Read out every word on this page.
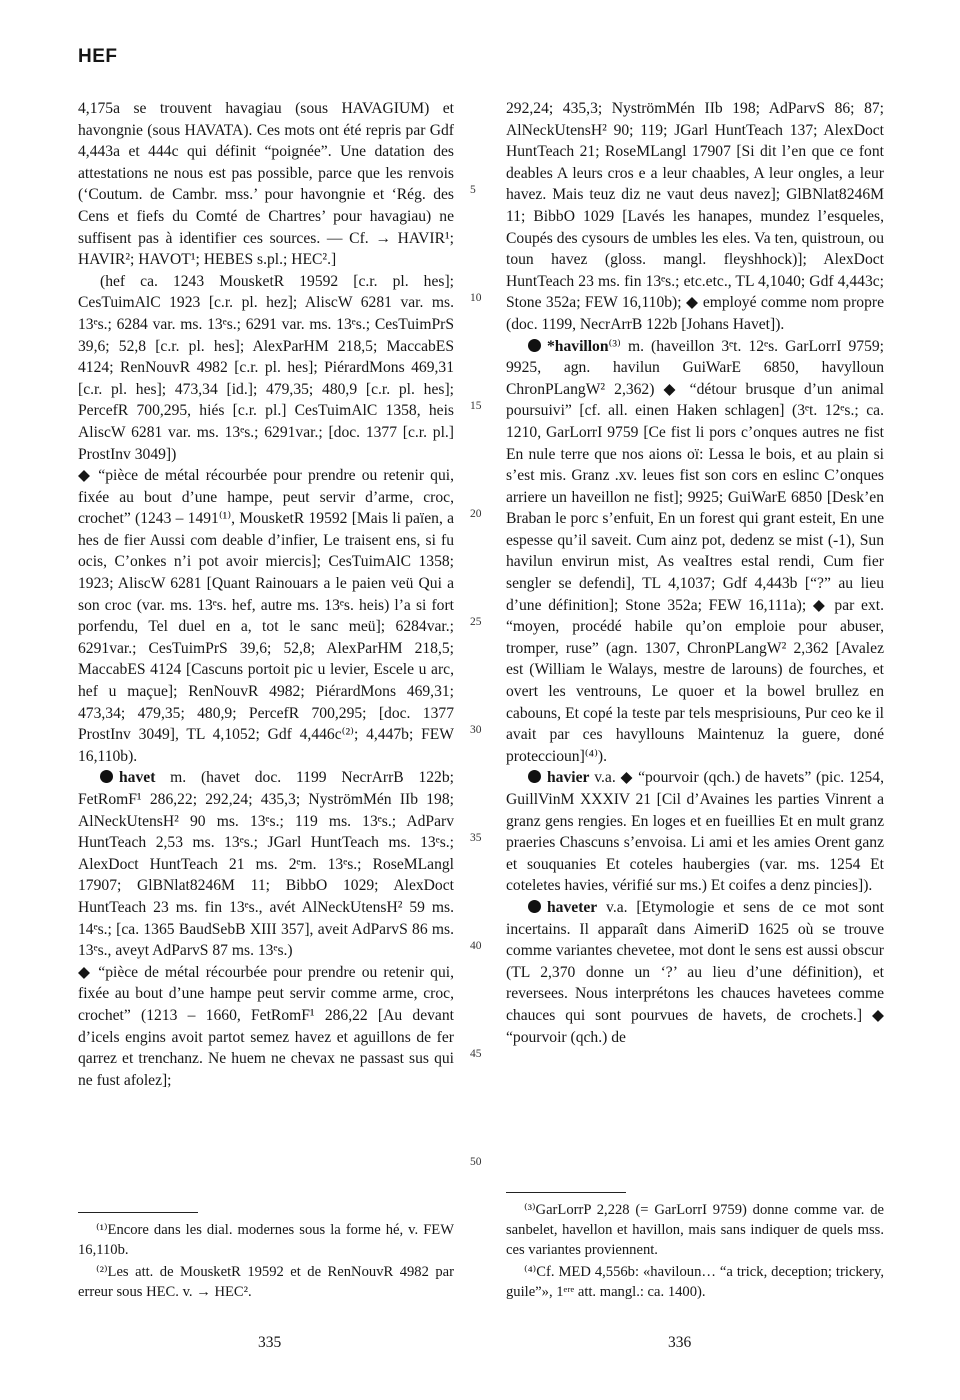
HEF

4,175a se trouvent havagiau (sous HAVAGIUM) et havongnie (sous HAVATA). Ces mots ont été repris par Gdf 4,443a et 444c qui définit “poignée”. Une datation des attestations ne nous est pas possible, parce que les renvois (‘Coutum. de Cambr. mss.’ pour havongnie et ‘Rég. des Cens et fiefs du Comté de Chartres’ pour havagiau) ne suffisent pas à identifier ces sources. — Cf. → HAVIR¹; HAVIR²; HAVOT¹; HEBES s.pl.; HEC².]

(hef ca. 1243 MousketR 19592 [c.r. pl. hes]; CesTuimAlC 1923 [c.r. pl. hez]; AliscW 6281 var. ms. 13ᵉs.; 6284 var. ms. 13ᵉs.; 6291 var. ms. 13ᵉs.; CesTuimPrS 39,6; 52,8 [c.r. pl. hes]; AlexParHM 218,5; MaccabES 4124; RenNouvR 4982 [c.r. pl. hes]; PiérardMons 469,31 [c.r. pl. hes]; 473,34 [id.]; 479,35; 480,9 [c.r. pl. hes]; PercefR 700,295, hiés [c.r. pl.] CesTuimAlC 1358, heis AliscW 6281 var. ms. 13ᵉs.; 6291var.; [doc. 1377 [c.r. pl.] ProstInv 3049])

◆ “pièce de métal récourbée pour prendre ou retenir qui, fixée au bout d’une hampe, peut servir d’arme, croc, crochet” (1243 – 1491⁽¹⁾, MousketR 19592 [Mais li païen, a hes de fier Aussi com deable d’infier, Le traisent ens, si fu ocis, C’onkes n’i pot avoir miercis]; CesTuimAlC 1358; 1923; AliscW 6281 [Quant Rainouars a le paien veü Qui a son croc (var. ms. 13ᵉs. hef, autre ms. 13ᵉs. heis) l’a si fort porfendu, Tel duel en a, tot le sanc meü]; 6284var.; 6291var.; CesTuimPrS 39,6; 52,8; AlexParHM 218,5; MaccabES 4124 [Cascuns portoit pic u levier, Escele u arc, hef u maçue]; RenNouvR 4982; PiérardMons 469,31; 473,34; 479,35; 480,9; PercefR 700,295; [doc. 1377 ProstInv 3049], TL 4,1052; Gdf 4,446c⁽²⁾; 4,447b; FEW 16,110b).

havet m. (havet doc. 1199 NecrArrB 122b; FetRomF¹ 286,22; 292,24; 435,3; NyströmMén IIb 198; AlNeckUtensH² 90 ms. 13ᵉs.; 119 ms. 13ᵉs.; AdParv HuntTeach 2,53 ms. 13ᵉs.; JGarl HuntTeach ms. 13ᵉs.; AlexDoct HuntTeach 21 ms. 2ᵉm. 13ᵉs.; RoseMLangl 17907; GlBNlat8246M 11; BibbO 1029; AlexDoct HuntTeach 23 ms. fin 13ᵉs., avét AlNeckUtensH² 59 ms. 14ᵉs.; [ca. 1365 BaudSebB XIII 357], aveit AdParvS 86 ms. 13ᵉs., aveyt AdParvS 87 ms. 13ᵉs.)

◆ “pièce de métal récourbée pour prendre ou retenir qui, fixée au bout d’une hampe peut servir comme arme, croc, crochet” (1213 – 1660, FetRomF¹ 286,22 [Au devant d’icels engins avoit partot semez havez et aguillons de fer qarrez et trenchanz. Ne huem ne chevax ne passast sus qui ne fust afolez];

5
10
15
20
25
30
35
40
45
50

292,24; 435,3; NyströmMén IIb 198; AdParvS 86; 87; AlNeckUtensH² 90; 119; JGarl HuntTeach 137; AlexDoct HuntTeach 21; RoseMLangl 17907 [Si dit l’en que ce font deables A leurs cros e a leur chaables, A leur ongles, a leur havez. Mais teuz diz ne vaut deus navez]; GlBNlat8246M 11; BibbO 1029 [Lavés les hanapes, mundez l’esqueles, Coupés des cysours de umbles les eles. Va ten, quistroun, ou toun havez (gloss. mangl. fleyshhock)]; AlexDoct HuntTeach 23 ms. fin 13ᵉs.; etc.etc., TL 4,1040; Gdf 4,443c; Stone 352a; FEW 16,110b); ◆ employé comme nom propre (doc. 1199, NecrArrB 122b [Johans Havet]).

*havillon⁽³⁾ m. (haveillon 3ᵉt. 12ᵉs. GarLorrI 9759; 9925, agn. havilun GuiWarE 6850, havylloun ChronPLangW² 2,362) ◆ “détour brusque d’un animal poursuivi” [cf. all. einen Haken schlagen] (3ᵉt. 12ᵉs.; ca. 1210, GarLorrI 9759 [Ce fist li pors c’onques autres ne fist En nule terre que nos aions oï: Lessa le bois, et au plain si s’est mis. Granz .xv. leues fist son cors en eslinc C’onques arriere un haveillon ne fist]; 9925; GuiWarE 6850 [Desk’en Braban le porc s’enfuit, En un forest qui grant esteit, En une espesse qu’il saveit. Cum ainz pot, dedenz se mist (-1), Sun havilun envirun mist, As veaItres estal rendi, Cum fier sengler se defendi], TL 4,1037; Gdf 4,443b [“?” au lieu d’une définition]; Stone 352a; FEW 16,111a); ◆ par ext. “moyen, procédé habile qu’on emploie pour abuser, tromper, ruse” (agn. 1307, ChronPLangW² 2,362 [Avalez est (William le Walays, mestre de larouns) de fourches, et overt les ventrouns, Le quoer et la bowel brullez en cabouns, Et copé la teste par tels mesprisiouns, Pur ceo ke il avait par ces havyllouns Maintenuz la guere, doné proteccioun]⁽⁴⁾).

havier v.a. ◆ “pourvoir (qch.) de havets” (pic. 1254, GuillVinM XXXIV 21 [Cil d’Avaines les parties Vinrent a granz gens rengies. En loges et en fueillies Et en mult granz praeries Chascuns s’envoisa. Li ami et les amies Orent ganz et souquanies Et coteles haubergies (var. ms. 1254 Et coteletes havies, vérifié sur ms.) Et coifes a denz pincies]).

haveter v.a. [Etymologie et sens de ce mot sont incertains. Il apparaît dans AimeriD 1625 où se trouve comme variantes chevetee, mot dont le sens est aussi obscur (TL 2,370 donne un ‘?’ au lieu d’une définition), et reversees. Nous interprétons les chauces havetees comme chauces qui sont pourvues de havets, de crochets.] ◆ “pourvoir (qch.) de

⁽¹⁾Encore dans les dial. modernes sous la forme hé, v. FEW 16,110b.

⁽²⁾Les att. de MousketR 19592 et de RenNouvR 4982 par erreur sous HEC. v. → HEC².

⁽³⁾GarLorrP 2,228 (= GarLorrI 9759) donne comme var. de sanbelet, havellon et havillon, mais sans indiquer de quels mss. ces variantes proviennent.

⁽⁴⁾Cf. MED 4,556b: «haviloun… “a trick, deception; trickery, guile”», 1ᵉʳᵉ att. mangl.: ca. 1400).

335	336
